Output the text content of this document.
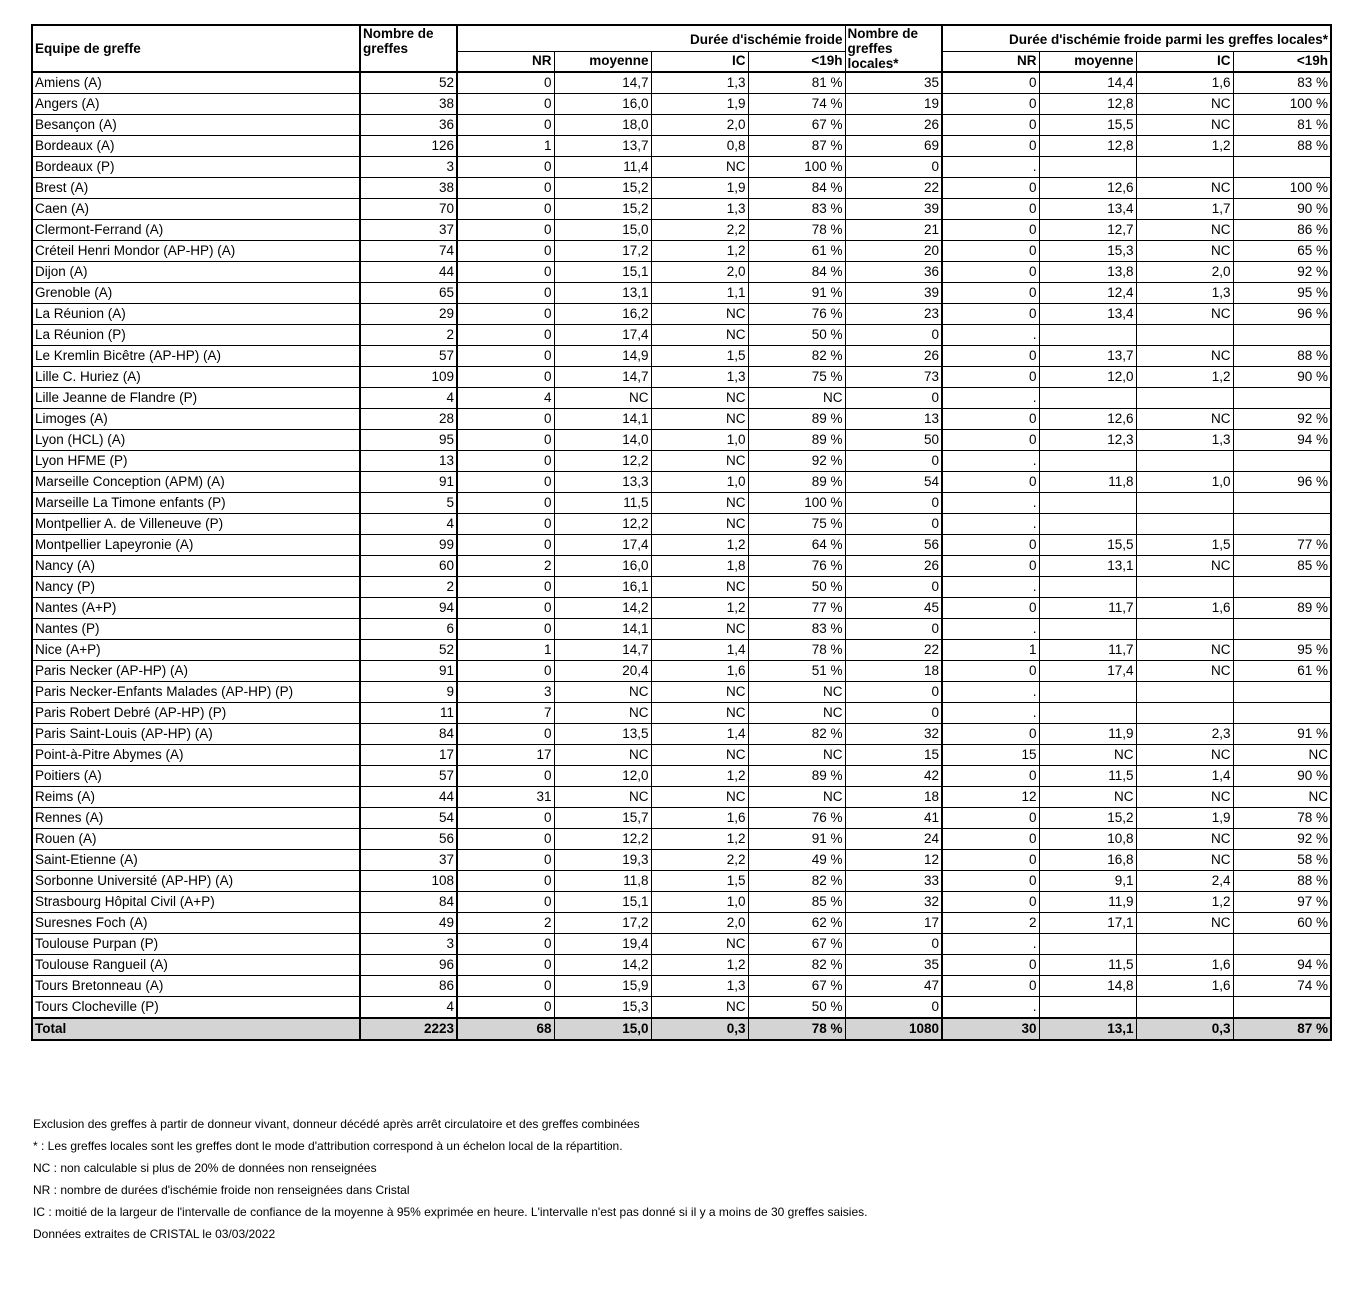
Equipe de greffe	Nombre de greffes	Durée d'ischémie froide				Nombre de greffes locales*	Durée d'ischémie froide parmi les greffes locales*			
		NR	moyenne	IC	<19h		NR	moyenne	IC	<19h
Amiens (A)	52	0	14,7	1,3	81 %	35	0	14,4	1,6	83 %
Angers (A)	38	0	16,0	1,9	74 %	19	0	12,8	NC	100 %
Besançon (A)	36	0	18,0	2,0	67 %	26	0	15,5	NC	81 %
Bordeaux (A)	126	1	13,7	0,8	87 %	69	0	12,8	1,2	88 %
Bordeaux (P)	3	0	11,4	NC	100 %	0	.			
Brest (A)	38	0	15,2	1,9	84 %	22	0	12,6	NC	100 %
Caen (A)	70	0	15,2	1,3	83 %	39	0	13,4	1,7	90 %
Clermont-Ferrand (A)	37	0	15,0	2,2	78 %	21	0	12,7	NC	86 %
Créteil Henri Mondor (AP-HP) (A)	74	0	17,2	1,2	61 %	20	0	15,3	NC	65 %
Dijon (A)	44	0	15,1	2,0	84 %	36	0	13,8	2,0	92 %
Grenoble (A)	65	0	13,1	1,1	91 %	39	0	12,4	1,3	95 %
La Réunion (A)	29	0	16,2	NC	76 %	23	0	13,4	NC	96 %
La Réunion (P)	2	0	17,4	NC	50 %	0	.			
Le Kremlin Bicêtre (AP-HP) (A)	57	0	14,9	1,5	82 %	26	0	13,7	NC	88 %
Lille C. Huriez (A)	109	0	14,7	1,3	75 %	73	0	12,0	1,2	90 %
Lille Jeanne de Flandre (P)	4	4	NC	NC	NC	0	.			
Limoges (A)	28	0	14,1	NC	89 %	13	0	12,6	NC	92 %
Lyon (HCL) (A)	95	0	14,0	1,0	89 %	50	0	12,3	1,3	94 %
Lyon HFME (P)	13	0	12,2	NC	92 %	0	.			
Marseille Conception (APM) (A)	91	0	13,3	1,0	89 %	54	0	11,8	1,0	96 %
Marseille La Timone enfants (P)	5	0	11,5	NC	100 %	0	.			
Montpellier A. de Villeneuve (P)	4	0	12,2	NC	75 %	0	.			
Montpellier Lapeyronie (A)	99	0	17,4	1,2	64 %	56	0	15,5	1,5	77 %
Nancy (A)	60	2	16,0	1,8	76 %	26	0	13,1	NC	85 %
Nancy (P)	2	0	16,1	NC	50 %	0	.			
Nantes (A+P)	94	0	14,2	1,2	77 %	45	0	11,7	1,6	89 %
Nantes (P)	6	0	14,1	NC	83 %	0	.			
Nice (A+P)	52	1	14,7	1,4	78 %	22	1	11,7	NC	95 %
Paris Necker (AP-HP) (A)	91	0	20,4	1,6	51 %	18	0	17,4	NC	61 %
Paris Necker-Enfants Malades (AP-HP) (P)	9	3	NC	NC	NC	0	.			
Paris Robert Debré (AP-HP) (P)	11	7	NC	NC	NC	0	.			
Paris Saint-Louis (AP-HP) (A)	84	0	13,5	1,4	82 %	32	0	11,9	2,3	91 %
Point-à-Pitre Abymes (A)	17	17	NC	NC	NC	15	15	NC	NC	NC
Poitiers (A)	57	0	12,0	1,2	89 %	42	0	11,5	1,4	90 %
Reims (A)	44	31	NC	NC	NC	18	12	NC	NC	NC
Rennes (A)	54	0	15,7	1,6	76 %	41	0	15,2	1,9	78 %
Rouen (A)	56	0	12,2	1,2	91 %	24	0	10,8	NC	92 %
Saint-Etienne (A)	37	0	19,3	2,2	49 %	12	0	16,8	NC	58 %
Sorbonne Université (AP-HP) (A)	108	0	11,8	1,5	82 %	33	0	9,1	2,4	88 %
Strasbourg Hôpital Civil (A+P)	84	0	15,1	1,0	85 %	32	0	11,9	1,2	97 %
Suresnes Foch (A)	49	2	17,2	2,0	62 %	17	2	17,1	NC	60 %
Toulouse Purpan (P)	3	0	19,4	NC	67 %	0	.			
Toulouse Rangueil (A)	96	0	14,2	1,2	82 %	35	0	11,5	1,6	94 %
Tours Bretonneau (A)	86	0	15,9	1,3	67 %	47	0	14,8	1,6	74 %
Tours Clocheville (P)	4	0	15,3	NC	50 %	0	.			
Total	2223	68	15,0	0,3	78 %	1080	30	13,1	0,3	87 %
Exclusion des greffes à partir de donneur vivant, donneur décédé après arrêt circulatoire et des greffes combinées
* : Les greffes locales sont les greffes dont le mode d'attribution correspond à un échelon local de la répartition.
NC : non calculable si plus de 20% de données non renseignées
NR : nombre de durées d'ischémie froide non renseignées dans Cristal
IC : moitié de la largeur de l'intervalle de confiance de la moyenne à 95% exprimée en heure. L'intervalle n'est pas donné si il y a moins de 30 greffes saisies.
Données extraites de CRISTAL le 03/03/2022
